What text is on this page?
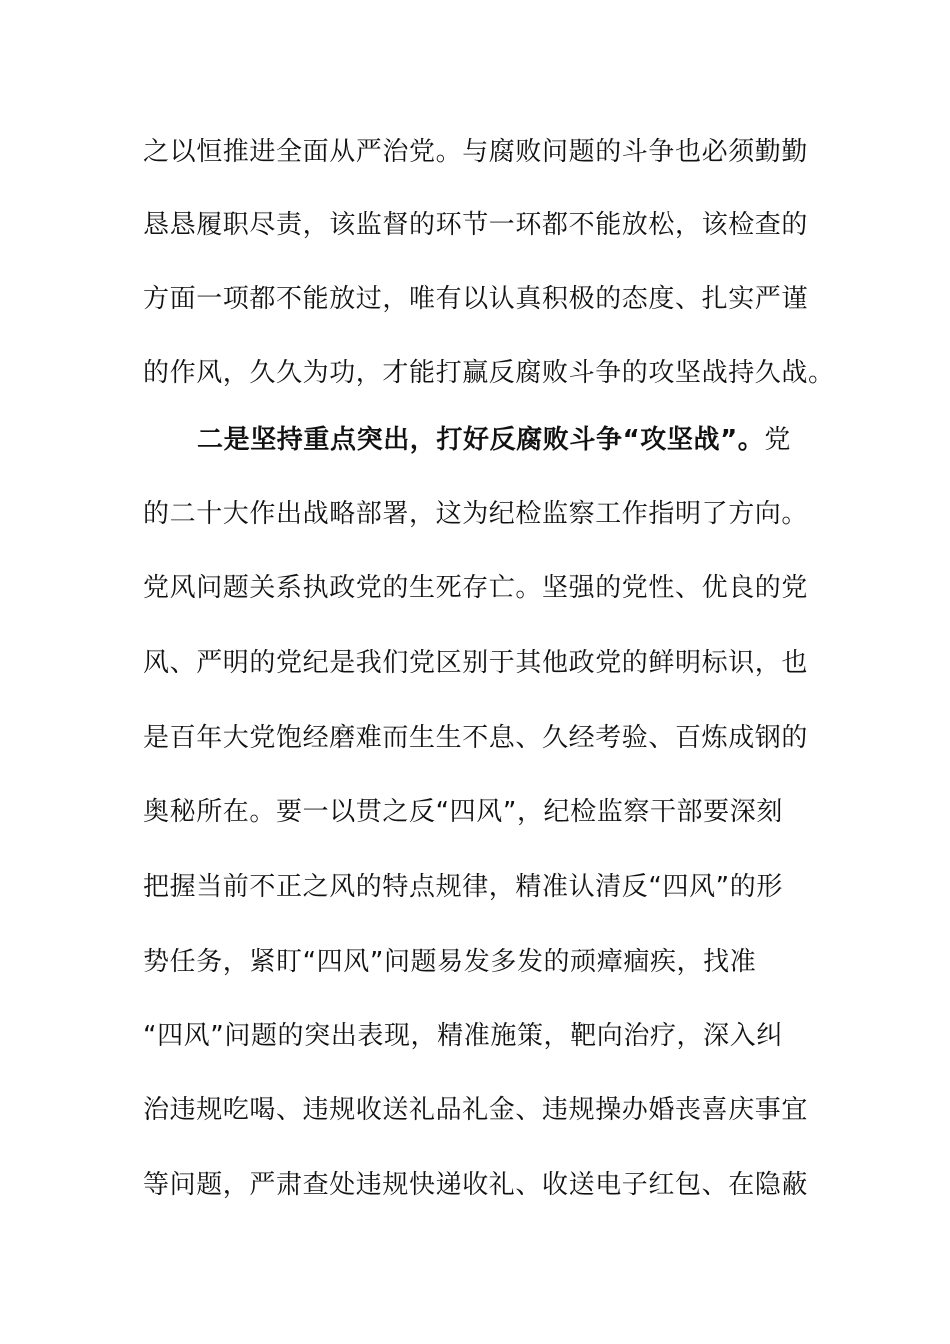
之以恒推进全面从严治党。与腐败问题的斗争也必须勤勤
恳恳履职尽责，该监督的环节一环都不能放松，该检查的
方面一项都不能放过，唯有以认真积极的态度、扎实严谨
的作风，久久为功，才能打赢反腐败斗争的攻坚战持久战。
二是坚持重点突出，打好反腐败斗争“攻坚战”。党
的二十大作出战略部署，这为纪检监察工作指明了方向。
党风问题关系执政党的生死存亡。坚强的党性、优良的党
风、严明的党纪是我们党区别于其他政党的鲜明标识，也
是百年大党饱经磨难而生生不息、久经考验、百炼成钢的
奥秘所在。要一以贯之反“四风”，纪检监察干部要深刻
把握当前不正之风的特点规律，精准认清反“四风”的形
势任务，紧盯“四风”问题易发多发的顽瘴痼疾，找准
“四风”问题的突出表现，精准施策，靶向治疗，深入纠
治违规吃喝、违规收送礼品礼金、违规操办婚丧喜庆事宜
等问题，严肃查处违规快递收礼、收送电子红包、在隐蔽
